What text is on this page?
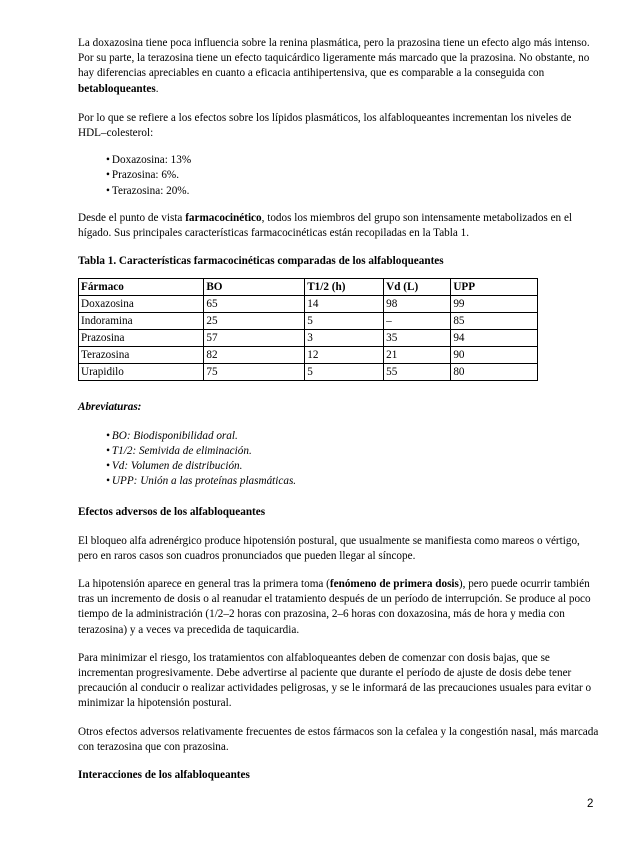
La doxazosina tiene poca influencia sobre la renina plasmática, pero la prazosina tiene un efecto algo más intenso. Por su parte, la terazosina tiene un efecto taquicárdico ligeramente más marcado que la prazosina. No obstante, no hay diferencias apreciables en cuanto a eficacia antihipertensiva, que es comparable a la conseguida con betabloqueantes.

Por lo que se refiere a los efectos sobre los lípidos plasmáticos, los alfabloqueantes incrementan los niveles de HDL–colesterol:

• Doxazosina: 13%
• Prazosina: 6%.
• Terazosina: 20%.

Desde el punto de vista farmacocinético, todos los miembros del grupo son intensamente metabolizados en el hígado. Sus principales características farmacocinéticas están recopiladas en la Tabla 1.

Tabla 1. Características farmacocinéticas comparadas de los alfabloqueantes

Fármaco	BO	T1/2 (h)	Vd (L)	UPP
Doxazosina	65	14	98	99
Indoramina	25	5	–	85
Prazosina	57	3	35	94
Terazosina	82	12	21	90
Urapidilo	75	5	55	80

Abreviaturas:

• BO: Biodisponibilidad oral.
• T1/2: Semivida de eliminación.
• Vd: Volumen de distribución.
• UPP: Unión a las proteínas plasmáticas.

Efectos adversos de los alfabloqueantes

El bloqueo alfa adrenérgico produce hipotensión postural, que usualmente se manifiesta como mareos o vértigo, pero en raros casos son cuadros pronunciados que pueden llegar al síncope.

La hipotensión aparece en general tras la primera toma (fenómeno de primera dosis), pero puede ocurrir también tras un incremento de dosis o al reanudar el tratamiento después de un período de interrupción. Se produce al poco tiempo de la administración (1/2–2 horas con prazosina, 2–6 horas con doxazosina, más de hora y media con terazosina) y a veces va precedida de taquicardia.

Para minimizar el riesgo, los tratamientos con alfabloqueantes deben de comenzar con dosis bajas, que se incrementan progresivamente. Debe advertirse al paciente que durante el período de ajuste de dosis debe tener precaución al conducir o realizar actividades peligrosas, y se le informará de las precauciones usuales para evitar o minimizar la hipotensión postural.

Otros efectos adversos relativamente frecuentes de estos fármacos son la cefalea y la congestión nasal, más marcada con terazosina que con prazosina.

Interacciones de los alfabloqueantes

2
